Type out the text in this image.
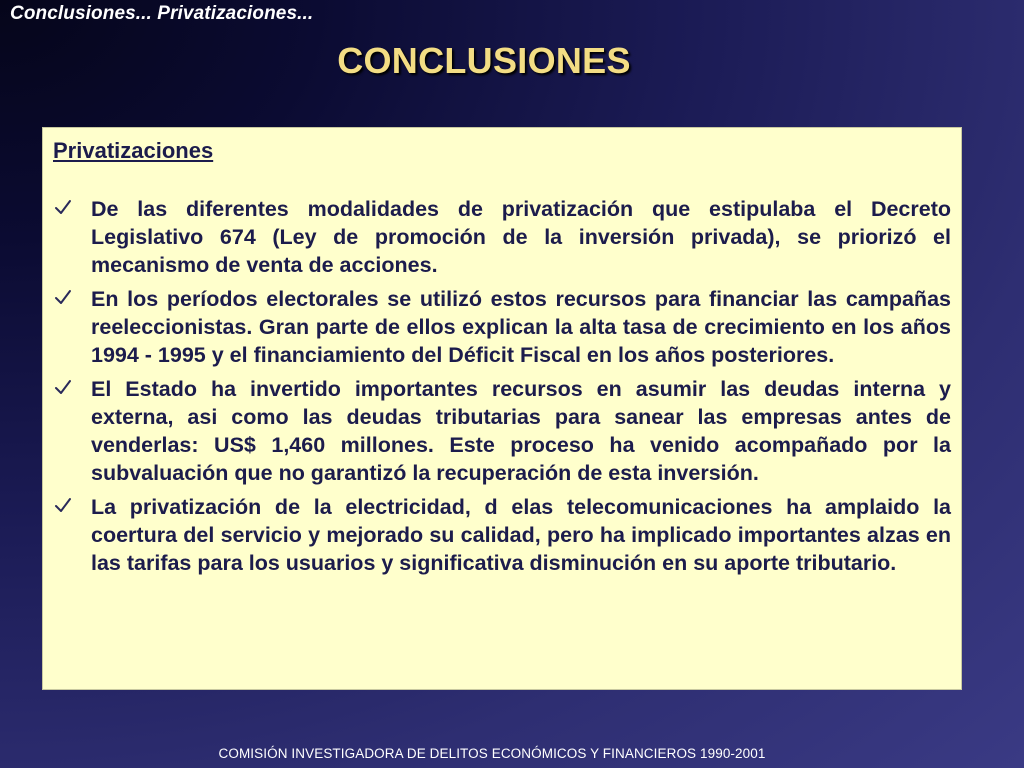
Conclusiones... Privatizaciones...
CONCLUSIONES
Privatizaciones
De las diferentes modalidades de privatización que estipulaba el Decreto Legislativo 674 (Ley de promoción de la inversión privada), se priorizó el mecanismo de venta de acciones.
En los períodos electorales se utilizó estos recursos para financiar las campañas reeleccionistas. Gran parte de ellos explican la alta tasa de crecimiento en los años 1994 - 1995 y el financiamiento del Déficit Fiscal en los años posteriores.
El Estado ha invertido importantes recursos en asumir las deudas interna y externa, asi como las deudas tributarias para sanear las empresas antes de venderlas: US$ 1,460 millones. Este proceso ha venido acompañado por la subvaluación que no garantizó la recuperación de esta inversión.
La privatización de la electricidad, d elas telecomunicaciones ha amplaido la coertura del servicio y mejorado su calidad, pero ha implicado importantes alzas en las tarifas para los usuarios y significativa disminución en su aporte tributario.
COMISIÓN INVESTIGADORA DE DELITOS ECONÓMICOS Y FINANCIEROS 1990-2001
